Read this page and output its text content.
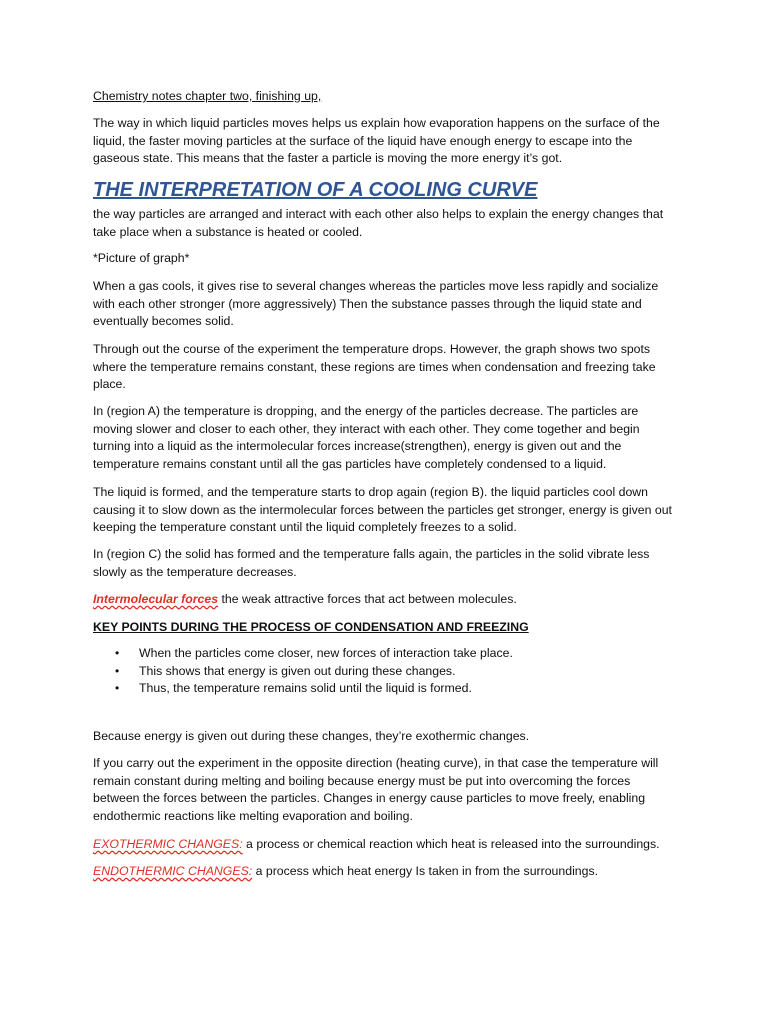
Chemistry notes chapter two, finishing up,

The way in which liquid particles moves helps us explain how evaporation happens on the surface of the liquid, the faster moving particles at the surface of the liquid have enough energy to escape into the gaseous state. This means that the faster a particle is moving the more energy it’s got.

THE INTERPRETATION OF A COOLING CURVE

the way particles are arranged and interact with each other also helps to explain the energy changes that take place when a substance is heated or cooled.

*Picture of graph*

When a gas cools, it gives rise to several changes whereas the particles move less rapidly and socialize with each other stronger (more aggressively) Then the substance passes through the liquid state and eventually becomes solid.

Through out the course of the experiment the temperature drops. However, the graph shows two spots where the temperature remains constant, these regions are times when condensation and freezing take place.

In (region A) the temperature is dropping, and the energy of the particles decrease. The particles are moving slower and closer to each other, they interact with each other. They come together and begin turning into a liquid as the intermolecular forces increase(strengthen), energy is given out and the temperature remains constant until all the gas particles have completely condensed to a liquid.

The liquid is formed, and the temperature starts to drop again (region B). the liquid particles cool down causing it to slow down as the intermolecular forces between the particles get stronger, energy is given out keeping the temperature constant until the liquid completely freezes to a solid.

In (region C) the solid has formed and the temperature falls again, the particles in the solid vibrate less slowly as the temperature decreases.

Intermolecular forces the weak attractive forces that act between molecules.

KEY POINTS DURING THE PROCESS OF CONDENSATION AND FREEZING

• When the particles come closer, new forces of interaction take place.
• This shows that energy is given out during these changes.
• Thus, the temperature remains solid until the liquid is formed.

Because energy is given out during these changes, they’re exothermic changes.

If you carry out the experiment in the opposite direction (heating curve), in that case the temperature will remain constant during melting and boiling because energy must be put into overcoming the forces between the forces between the particles. Changes in energy cause particles to move freely, enabling endothermic reactions like melting evaporation and boiling.

EXOTHERMIC CHANGES: a process or chemical reaction which heat is released into the surroundings.

ENDOTHERMIC CHANGES: a process which heat energy Is taken in from the surroundings.
